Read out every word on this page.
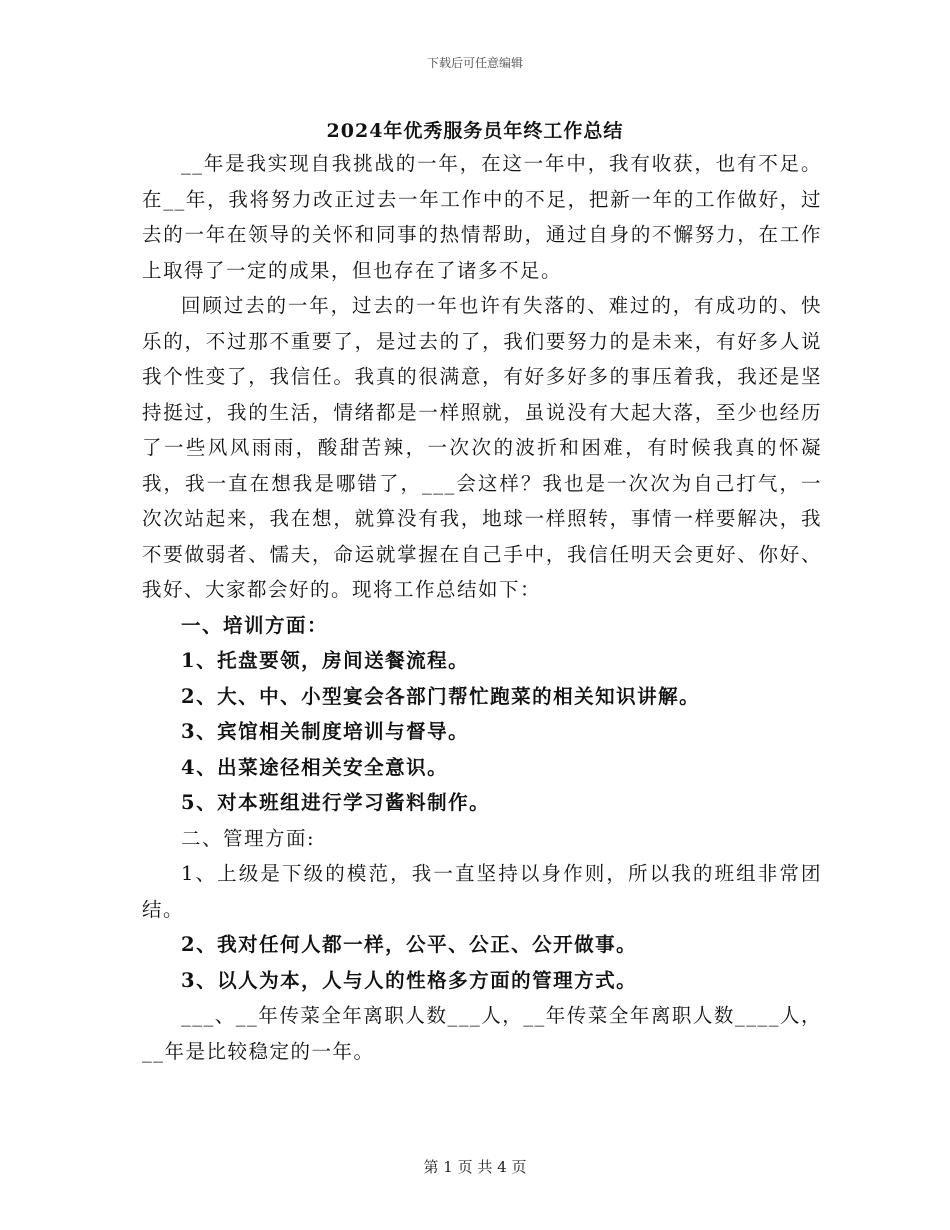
下载后可任意编辑
2024年优秀服务员年终工作总结

__年是我实现自我挑战的一年，在这一年中，我有收获，也有不足。在__年，我将努力改正过去一年工作中的不足，把新一年的工作做好，过去的一年在领导的关怀和同事的热情帮助，通过自身的不懈努力，在工作上取得了一定的成果，但也存在了诸多不足。

回顾过去的一年，过去的一年也许有失落的、难过的，有成功的、快乐的，不过那不重要了，是过去的了，我们要努力的是未来，有好多人说我个性变了，我信任。我真的很满意，有好多好多的事压着我，我还是坚持挺过，我的生活，情绪都是一样照就，虽说没有大起大落，至少也经历了一些风风雨雨，酸甜苦辣，一次次的波折和困难，有时候我真的怀凝我，我一直在想我是哪错了，___会这样？我也是一次次为自己打气，一次次站起来，我在想，就算没有我，地球一样照转，事情一样要解决，我不要做弱者、懦夫，命运就掌握在自己手中，我信任明天会更好、你好、我好、大家都会好的。现将工作总结如下：

一、培训方面：

1、托盘要领，房间送餐流程。

2、大、中、小型宴会各部门帮忙跑菜的相关知识讲解。

3、宾馆相关制度培训与督导。

4、出菜途径相关安全意识。

5、对本班组进行学习酱料制作。

二、管理方面:

1、上级是下级的模范，我一直坚持以身作则，所以我的班组非常团结。

2、我对任何人都一样，公平、公正、公开做事。

3、以人为本，人与人的性格多方面的管理方式。

___、__年传菜全年离职人数___人，__年传菜全年离职人数____人，__年是比较稳定的一年。

第 1 页 共 4 页
